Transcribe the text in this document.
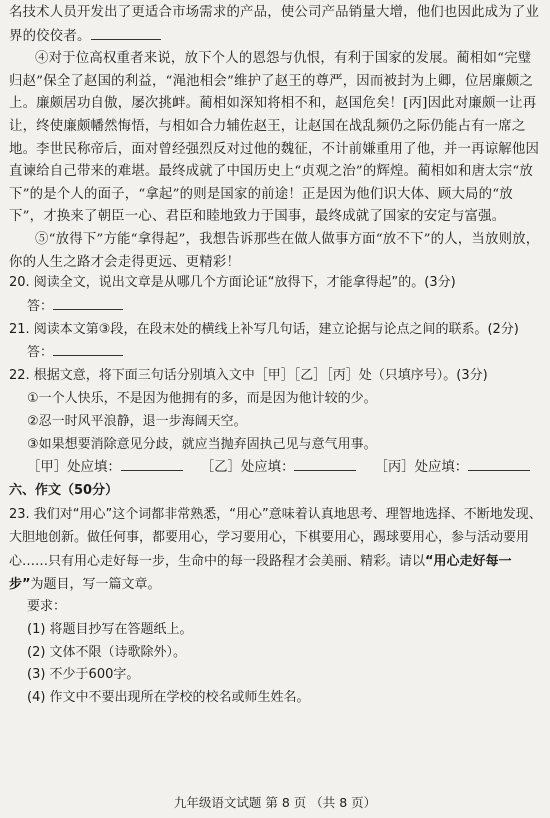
名技术人员开发出了更适合市场需求的产品，使公司产品销量大增，他们也因此成为了业界的佼佼者。

④对于位高权重者来说，放下个人的恩怨与仇恨，有利于国家的发展。蔺相如“完璧归赵”保全了赵国的利益，“渑池相会”维护了赵王的尊严，因而被封为上卿，位居廉颇之上。廉颇居功自傲，屡次挑衅。蔺相如深知将相不和，赵国危矣！[丙]因此对廉颇一让再让，终使廉颇幡然悔悟，与相如合力辅佐赵王，让赵国在战乱频仍之际仍能占有一席之地。李世民称帝后，面对曾经强烈反对过他的魏征，不计前嫌重用了他，并一再谅解他因直谏给自己带来的难堪。最终成就了中国历史上“贞观之治”的辉煌。蔺相如和唐太宗“放下”的是个人的面子，“拿起”的则是国家的前途！正是因为他们识大体、顾大局的“放下”，才换来了朝臣一心、君臣和睦地致力于国事，最终成就了国家的安定与富强。

⑤“放得下”方能“拿得起”，我想告诉那些在做人做事方面“放不下”的人，当放则放，你的人生之路才会走得更远、更精彩！

20. 阅读全文，说出文章是从哪几个方面论证“放得下，才能拿得起”的。(3分)

答：

21. 阅读本文第③段，在段末处的横线上补写几句话，建立论据与论点之间的联系。(2分)

答：

22. 根据文意，将下面三句话分别填入文中［甲］［乙］［丙］处（只填序号）。(3分)

①一个人快乐，不是因为他拥有的多，而是因为他计较的少。

②忍一时风平浪静，退一步海阔天空。

③如果想要消除意见分歧，就应当抛弃固执己见与意气用事。

［甲］处应填：	［乙］处应填：	［丙］处应填：

六、作文（50分）

23. 我们对“用心”这个词都非常熟悉，“用心”意味着认真地思考、理智地选择、不断地发现、大胆地创新。做任何事，都要用心，学习要用心，下棋要用心，踢球要用心，参与活动要用心……只有用心走好每一步，生命中的每一段路程才会美丽、精彩。请以“用心走好每一步”为题目，写一篇文章。

要求：

(1) 将题目抄写在答题纸上。

(2) 文体不限（诗歌除外）。

(3) 不少于600字。

(4) 作文中不要出现所在学校的校名或师生姓名。

九年级语文试题 第 8 页 （共 8 页）
